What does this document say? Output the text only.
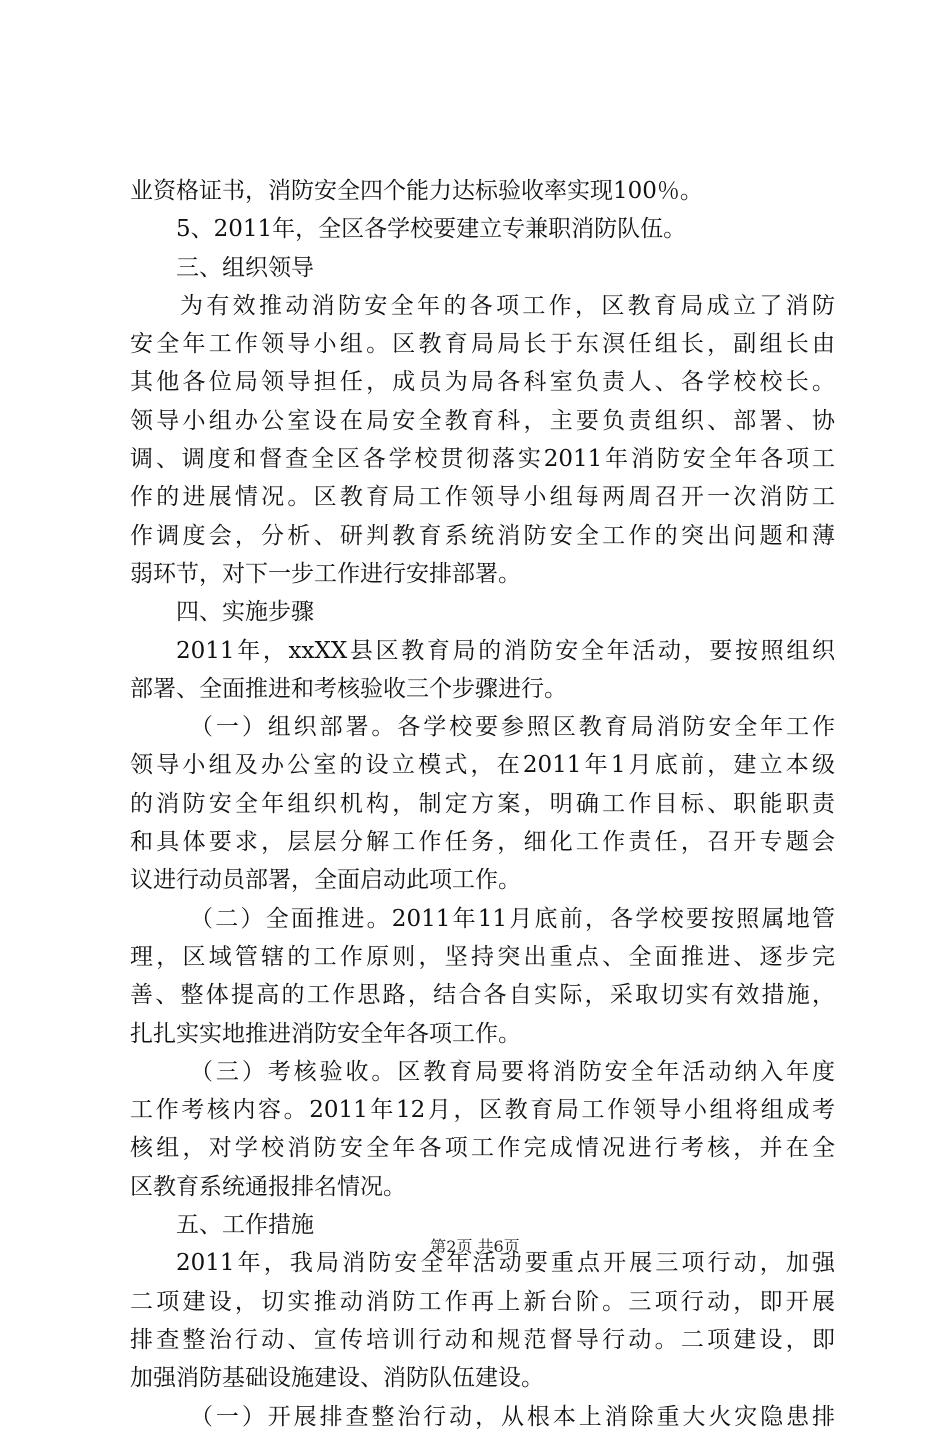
业资格证书，消防安全四个能力达标验收率实现100％。
5、2011年，全区各学校要建立专兼职消防队伍。
三、组织领导
为有效推动消防安全年的各项工作，区教育局成立了消防
安全年工作领导小组。区教育局局长于东溟任组长，副组长由
其他各位局领导担任，成员为局各科室负责人、各学校校长。
领导小组办公室设在局安全教育科，主要负责组织、部署、协
调、调度和督查全区各学校贯彻落实2011年消防安全年各项工
作的进展情况。区教育局工作领导小组每两周召开一次消防工
作调度会，分析、研判教育系统消防安全工作的突出问题和薄
弱环节，对下一步工作进行安排部署。
四、实施步骤
2011年，xxXX县区教育局的消防安全年活动，要按照组织
部署、全面推进和考核验收三个步骤进行。
（一）组织部署。各学校要参照区教育局消防安全年工作
领导小组及办公室的设立模式，在2011年1月底前，建立本级
的消防安全年组织机构，制定方案，明确工作目标、职能职责
和具体要求，层层分解工作任务，细化工作责任，召开专题会
议进行动员部署，全面启动此项工作。
（二）全面推进。2011年11月底前，各学校要按照属地管
理，区域管辖的工作原则，坚持突出重点、全面推进、逐步完
善、整体提高的工作思路，结合各自实际，采取切实有效措施，
扎扎实实地推进消防安全年各项工作。
（三）考核验收。区教育局要将消防安全年活动纳入年度
工作考核内容。2011年12月，区教育局工作领导小组将组成考
核组，对学校消防安全年各项工作完成情况进行考核，并在全
区教育系统通报排名情况。
五、工作措施
2011年，我局消防安全年活动要重点开展三项行动，加强
二项建设，切实推动消防工作再上新台阶。三项行动，即开展
排查整治行动、宣传培训行动和规范督导行动。二项建设，即
加强消防基础设施建设、消防队伍建设。
（一）开展排查整治行动，从根本上消除重大火灾隐患排
第2页 共6页
